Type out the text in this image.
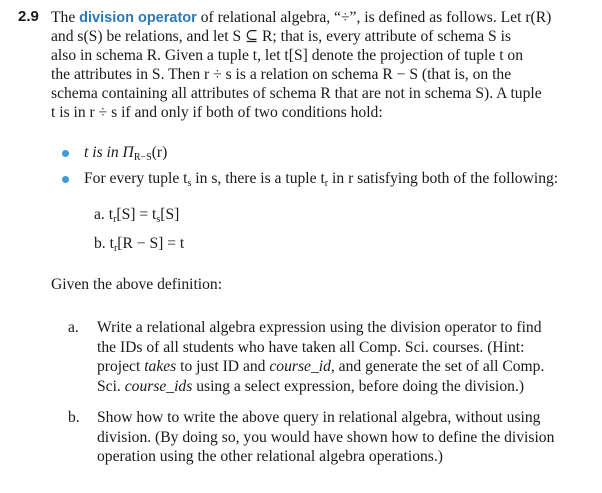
2.9 The division operator of relational algebra, “÷”, is defined as follows. Let r(R)
and s(S) be relations, and let S ⊆ R; that is, every attribute of schema S is
also in schema R. Given a tuple t, let t[S] denote the projection of tuple t on
the attributes in S. Then r ÷ s is a relation on schema R − S (that is, on the
schema containing all attributes of schema R that are not in schema S). A tuple
t is in r ÷ s if and only if both of two conditions hold:
t is in $\Pi_{R-S}(r)$
For every tuple $t_s$ in s, there is a tuple $t_r$ in r satisfying both of the following:
a. $t_r[S] = t_s[S]$
b. $t_r[R - S] = t$
Given the above definition:
a. Write a relational algebra expression using the division operator to find
the IDs of all students who have taken all Comp. Sci. courses. (Hint:
project takes to just ID and course_id, and generate the set of all Comp.
Sci. course_ids using a select expression, before doing the division.)
b. Show how to write the above query in relational algebra, without using
division. (By doing so, you would have shown how to define the division
operation using the other relational algebra operations.)
